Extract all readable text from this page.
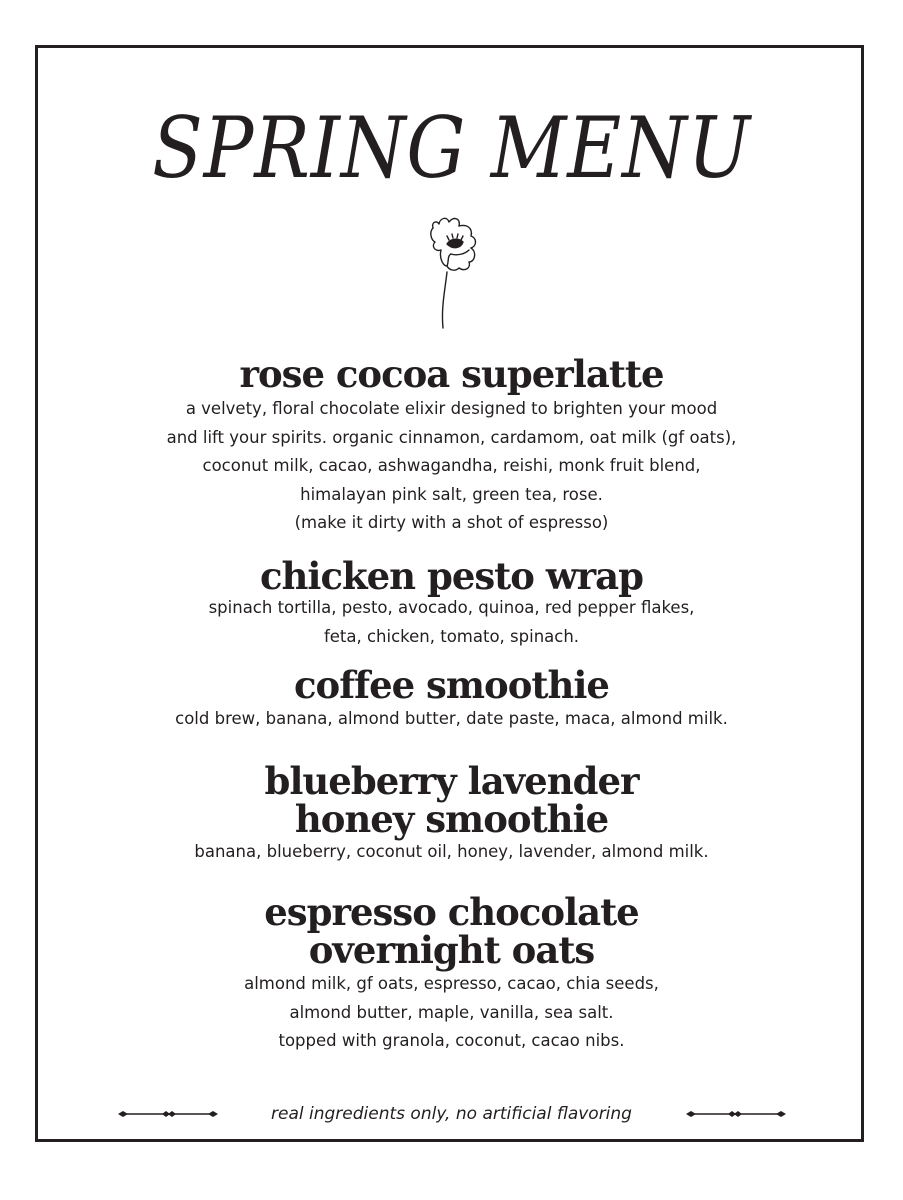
SPRING MENU
rose cocoa superlatte

a velvety, floral chocolate elixir designed to brighten your mood
and lift your spirits. organic cinnamon, cardamom, oat milk (gf oats),
coconut milk, cacao, ashwagandha, reishi, monk fruit blend,
himalayan pink salt, green tea, rose.
(make it dirty with a shot of espresso)

chicken pesto wrap

spinach tortilla, pesto, avocado, quinoa, red pepper flakes,
feta, chicken, tomato, spinach.

coffee smoothie

cold brew, banana, almond butter, date paste, maca, almond milk.

blueberry lavender
honey smoothie

banana, blueberry, coconut oil, honey, lavender, almond milk.

espresso chocolate
overnight oats

almond milk, gf oats, espresso, cacao, chia seeds,
almond butter, maple, vanilla, sea salt.
topped with granola, coconut, cacao nibs.

real ingredients only, no artificial flavoring
